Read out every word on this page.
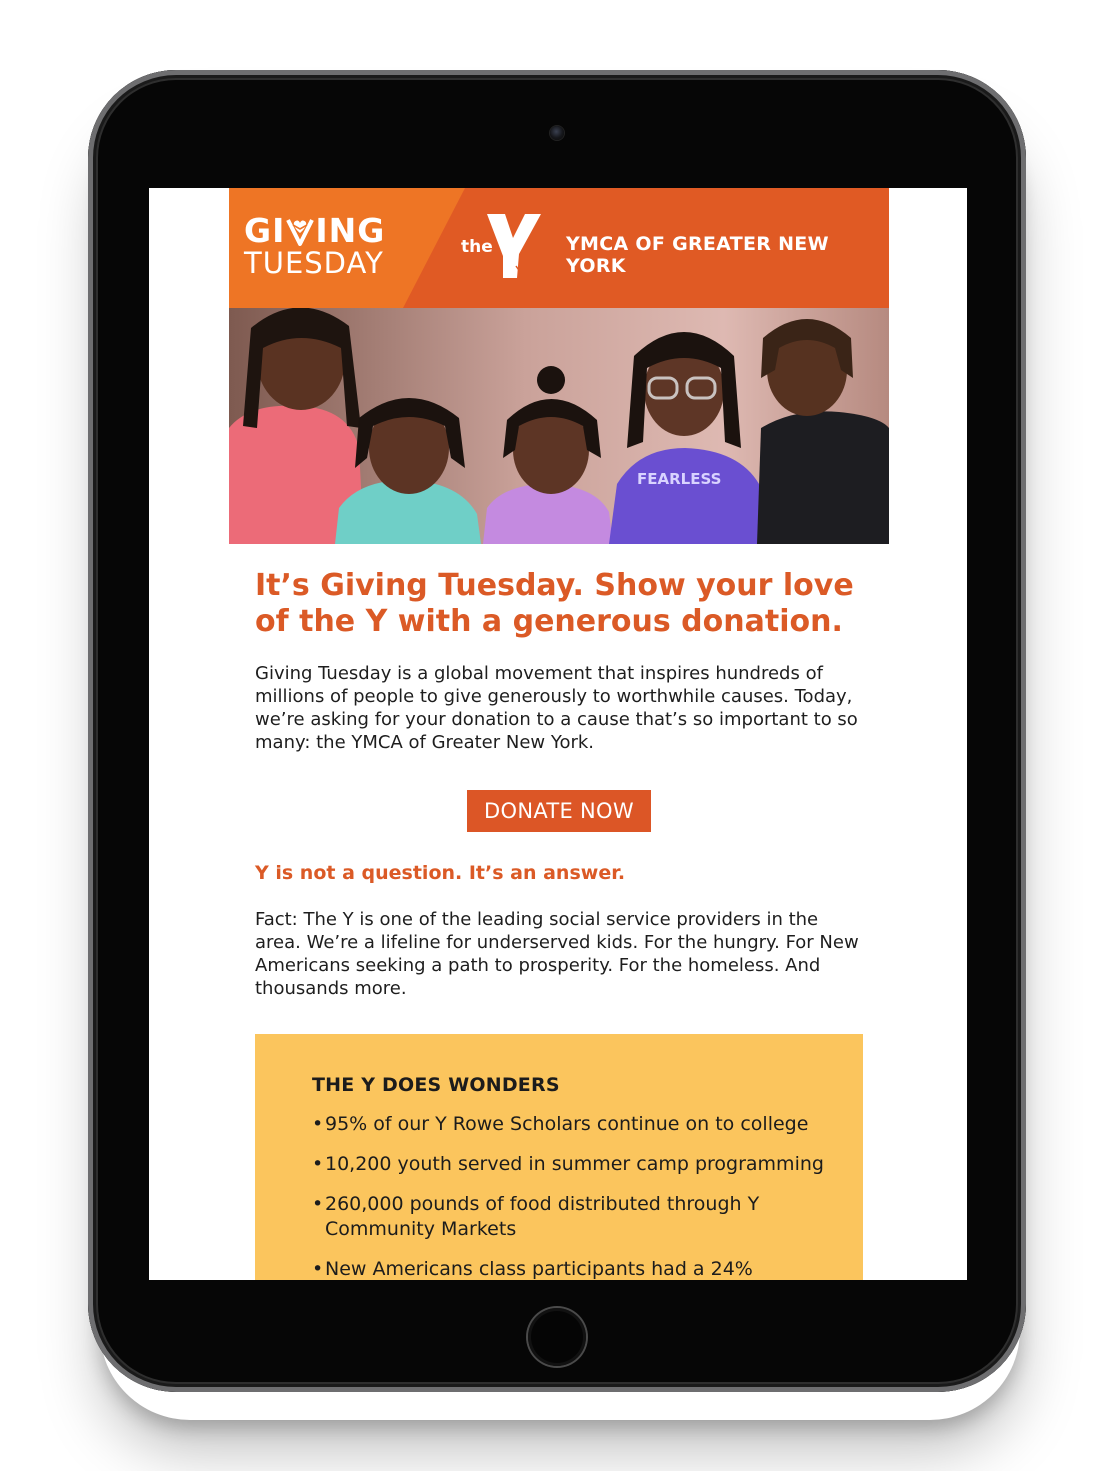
GI ING
TUESDAY	the	YMCA OF GREATER NEW YORK
FEARLESS
It’s Giving Tuesday. Show your love of the Y with a generous donation.

Giving Tuesday is a global movement that inspires hundreds of millions of people to give generously to worthwhile causes. Today, we’re asking for your donation to a cause that’s so important to so many: the YMCA of Greater New York.

DONATE NOW
Y is not a question. It’s an answer.

Fact: The Y is one of the leading social service providers in the area. We’re a lifeline for underserved kids. For the hungry. For New Americans seeking a path to prosperity. For the homeless. And thousands more.

THE Y DOES WONDERS
• 95% of our Y Rowe Scholars continue on to college
• 10,200 youth served in summer camp programming
• 260,000 pounds of food distributed through Y Community Markets
• New Americans class participants had a 24%
